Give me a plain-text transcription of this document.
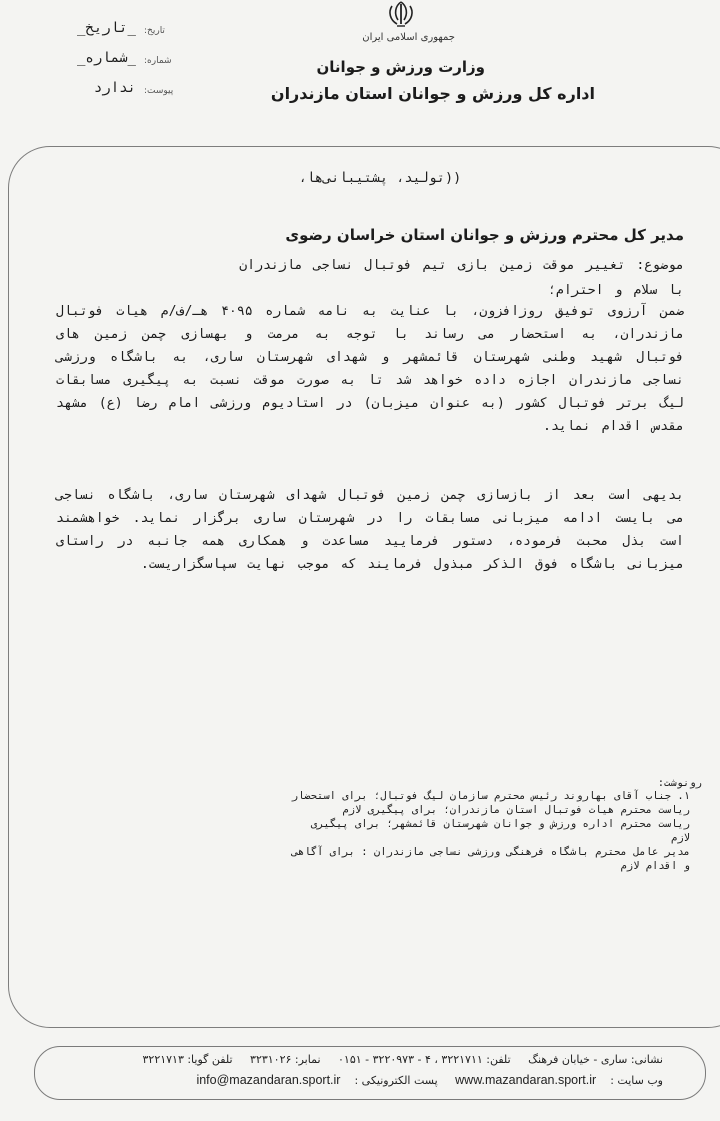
جمهوری اسلامی ایران
وزارت ورزش و جوانان
اداره کل ورزش و جوانان استان مازندران
_تاریخ_ تاریخ:
_شماره_ شماره:
ندارد پیوست:
((تولید، پشتیبانی‌ها،
مدیر کل محترم ورزش و جوانان استان خراسان رضوی
موضوع: تغییر موقت زمین بازی تیم فوتبال نساجی مازندران
با سلام و احترام؛
ضمن آرزوی توفیق روزافزون، با عنایت به نامه شماره ۴۰۹۵ هـ/ف/م هیات فوتبال مازندران، به استحضار می رساند با توجه به مرمت و بهسازی چمن زمین های فوتبال شهید وطنی شهرستان قائمشهر و شهدای شهرستان ساری، به باشگاه ورزشی نساجی مازندران اجازه داده خواهد شد تا به صورت موقت نسبت به پیگیری مسابقات لیگ برتر فوتبال کشور (به عنوان میزبان) در استادیوم ورزشی امام رضا (ع) مشهد مقدس اقدام نماید.
بدیهی است بعد از بازسازی چمن زمین فوتبال شهدای شهرستان ساری، باشگاه نساجی می بایست ادامه میزبانی مسابقات را در شهرستان ساری برگزار نماید. خواهشمند است بذل محبت فرموده، دستور فرمایید مساعدت و همکاری همه جانبه در راستای میزبانی باشگاه فوق الذکر مبذول فرمایند که موجب نهایت سپاسگزاریست.
رونوشت:
۱. جناب آقای بهاروند رئیس محترم سازمان لیگ فوتبال؛ برای استحضار
ریاست محترم هیات فوتبال استان مازندران؛ برای پیگیری لازم
ریاست محترم اداره ورزش و جوانان شهرستان قائمشهر؛ برای پیگیری
لازم
مدیر عامل محترم باشگاه فرهنگی ورزشی نساجی مازندران : برای آگاهی
و اقدام لازم
نشانی: ساری - خیابان فرهنگ تلفن: ۳۲۲۱۷۱۱ ، ۴ - ۳۲۲۰۹۷۳ - ۰۱۵۱ نمابر: ۳۲۳۱۰۲۶ تلفن گویا: ۳۲۲۱۷۱۳
وب سایت :www.mazandaran.sport.ir پست الکترونیکی :info@mazandaran.sport.ir
